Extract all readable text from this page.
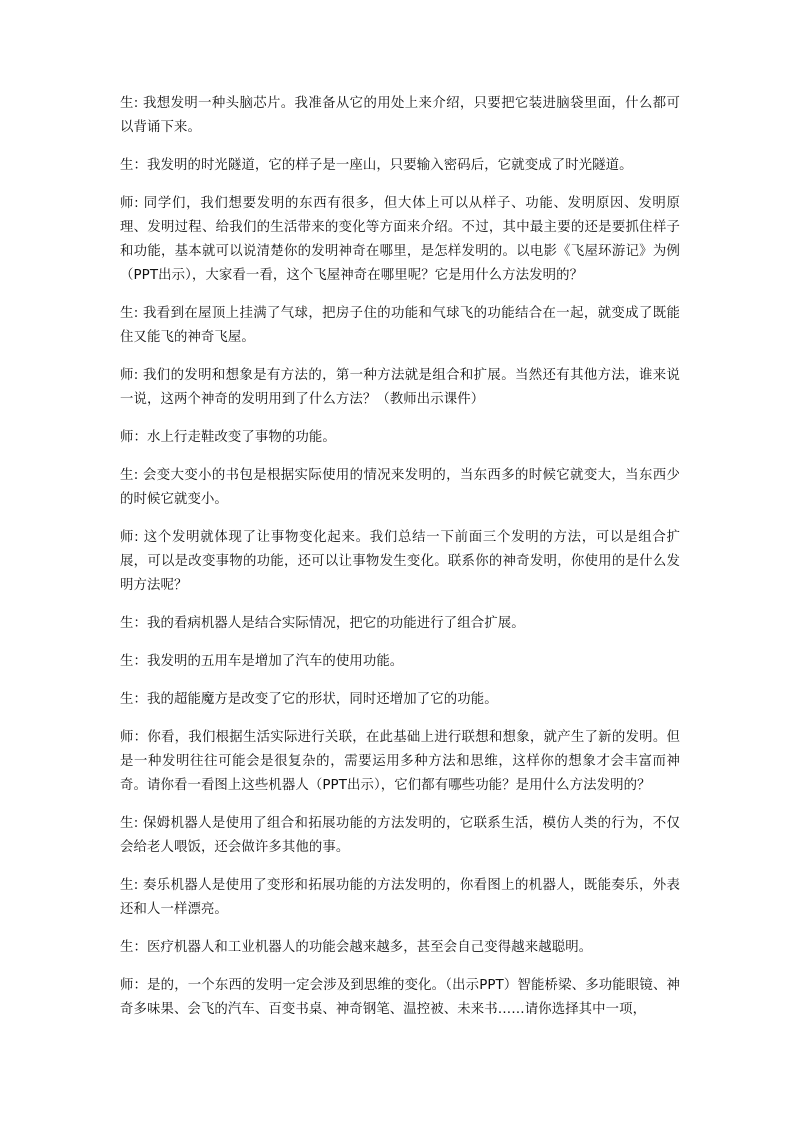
生: 我想发明一种头脑芯片。我准备从它的用处上来介绍，只要把它装进脑袋里面，什么都可以背诵下来。

生：我发明的时光隧道，它的样子是一座山，只要输入密码后，它就变成了时光隧道。

师: 同学们，我们想要发明的东西有很多，但大体上可以从样子、功能、发明原因、发明原理、发明过程、给我们的生活带来的变化等方面来介绍。不过，其中最主要的还是要抓住样子和功能，基本就可以说清楚你的发明神奇在哪里，是怎样发明的。以电影《飞屋环游记》为例（PPT出示），大家看一看，这个飞屋神奇在哪里呢？它是用什么方法发明的？

生: 我看到在屋顶上挂满了气球，把房子住的功能和气球飞的功能结合在一起，就变成了既能住又能飞的神奇飞屋。

师: 我们的发明和想象是有方法的，第一种方法就是组合和扩展。当然还有其他方法，谁来说一说，这两个神奇的发明用到了什么方法？（教师出示课件）

师：水上行走鞋改变了事物的功能。

生: 会变大变小的书包是根据实际使用的情况来发明的，当东西多的时候它就变大，当东西少的时候它就变小。

师: 这个发明就体现了让事物变化起来。我们总结一下前面三个发明的方法，可以是组合扩展，可以是改变事物的功能，还可以让事物发生变化。联系你的神奇发明，你使用的是什么发明方法呢？

生：我的看病机器人是结合实际情况，把它的功能进行了组合扩展。

生：我发明的五用车是增加了汽车的使用功能。

生：我的超能魔方是改变了它的形状，同时还增加了它的功能。

师：你看，我们根据生活实际进行关联，在此基础上进行联想和想象，就产生了新的发明。但是一种发明往往可能会是很复杂的，需要运用多种方法和思维，这样你的想象才会丰富而神奇。请你看一看图上这些机器人（PPT出示），它们都有哪些功能？是用什么方法发明的？

生: 保姆机器人是使用了组合和拓展功能的方法发明的，它联系生活，模仿人类的行为，不仅会给老人喂饭，还会做许多其他的事。

生: 奏乐机器人是使用了变形和拓展功能的方法发明的，你看图上的机器人，既能奏乐，外表还和人一样漂亮。

生：医疗机器人和工业机器人的功能会越来越多，甚至会自己变得越来越聪明。

师：是的，一个东西的发明一定会涉及到思维的变化。（出示PPT）智能桥梁、多功能眼镜、神奇多味果、会飞的汽车、百变书桌、神奇钢笔、温控被、未来书……请你选择其中一项，
